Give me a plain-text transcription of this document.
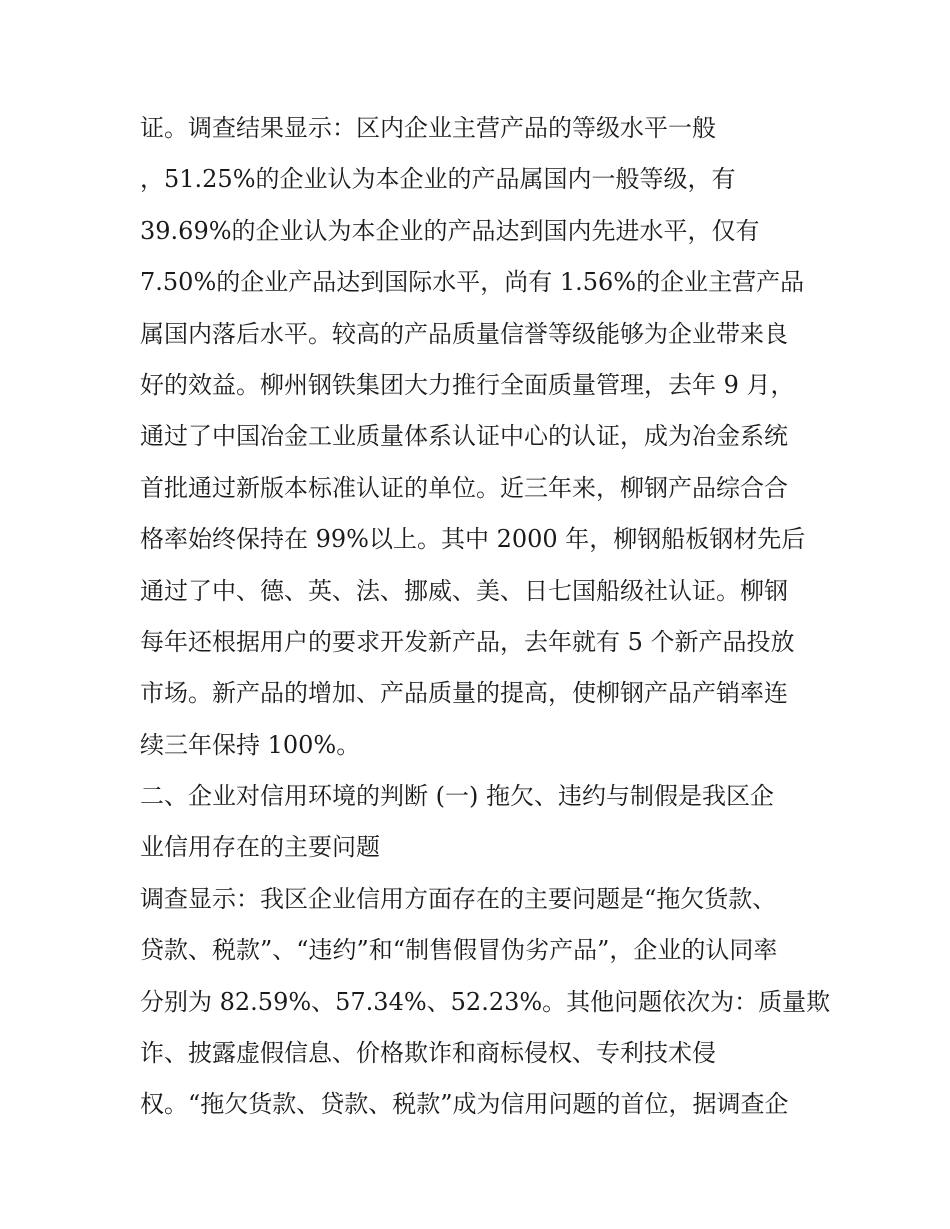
证。调查结果显示：区内企业主营产品的等级水平一般
，51.25%的企业认为本企业的产品属国内一般等级，有
39.69%的企业认为本企业的产品达到国内先进水平，仅有
7.50%的企业产品达到国际水平，尚有 1.56%的企业主营产品
属国内落后水平。较高的产品质量信誉等级能够为企业带来良
好的效益。柳州钢铁集团大力推行全面质量管理，去年 9 月，
通过了中国冶金工业质量体系认证中心的认证，成为冶金系统
首批通过新版本标准认证的单位。近三年来，柳钢产品综合合
格率始终保持在 99%以上。其中 2000 年，柳钢船板钢材先后
通过了中、德、英、法、挪威、美、日七国船级社认证。柳钢
每年还根据用户的要求开发新产品，去年就有 5 个新产品投放
市场。新产品的增加、产品质量的提高，使柳钢产品产销率连
续三年保持 100%。
二、企业对信用环境的判断 (一) 拖欠、违约与制假是我区企
业信用存在的主要问题
调查显示：我区企业信用方面存在的主要问题是“拖欠货款、
贷款、税款”、“违约”和“制售假冒伪劣产品”，企业的认同率
分别为 82.59%、57.34%、52.23%。其他问题依次为：质量欺
诈、披露虚假信息、价格欺诈和商标侵权、专利技术侵
权。“拖欠货款、贷款、税款”成为信用问题的首位，据调查企
